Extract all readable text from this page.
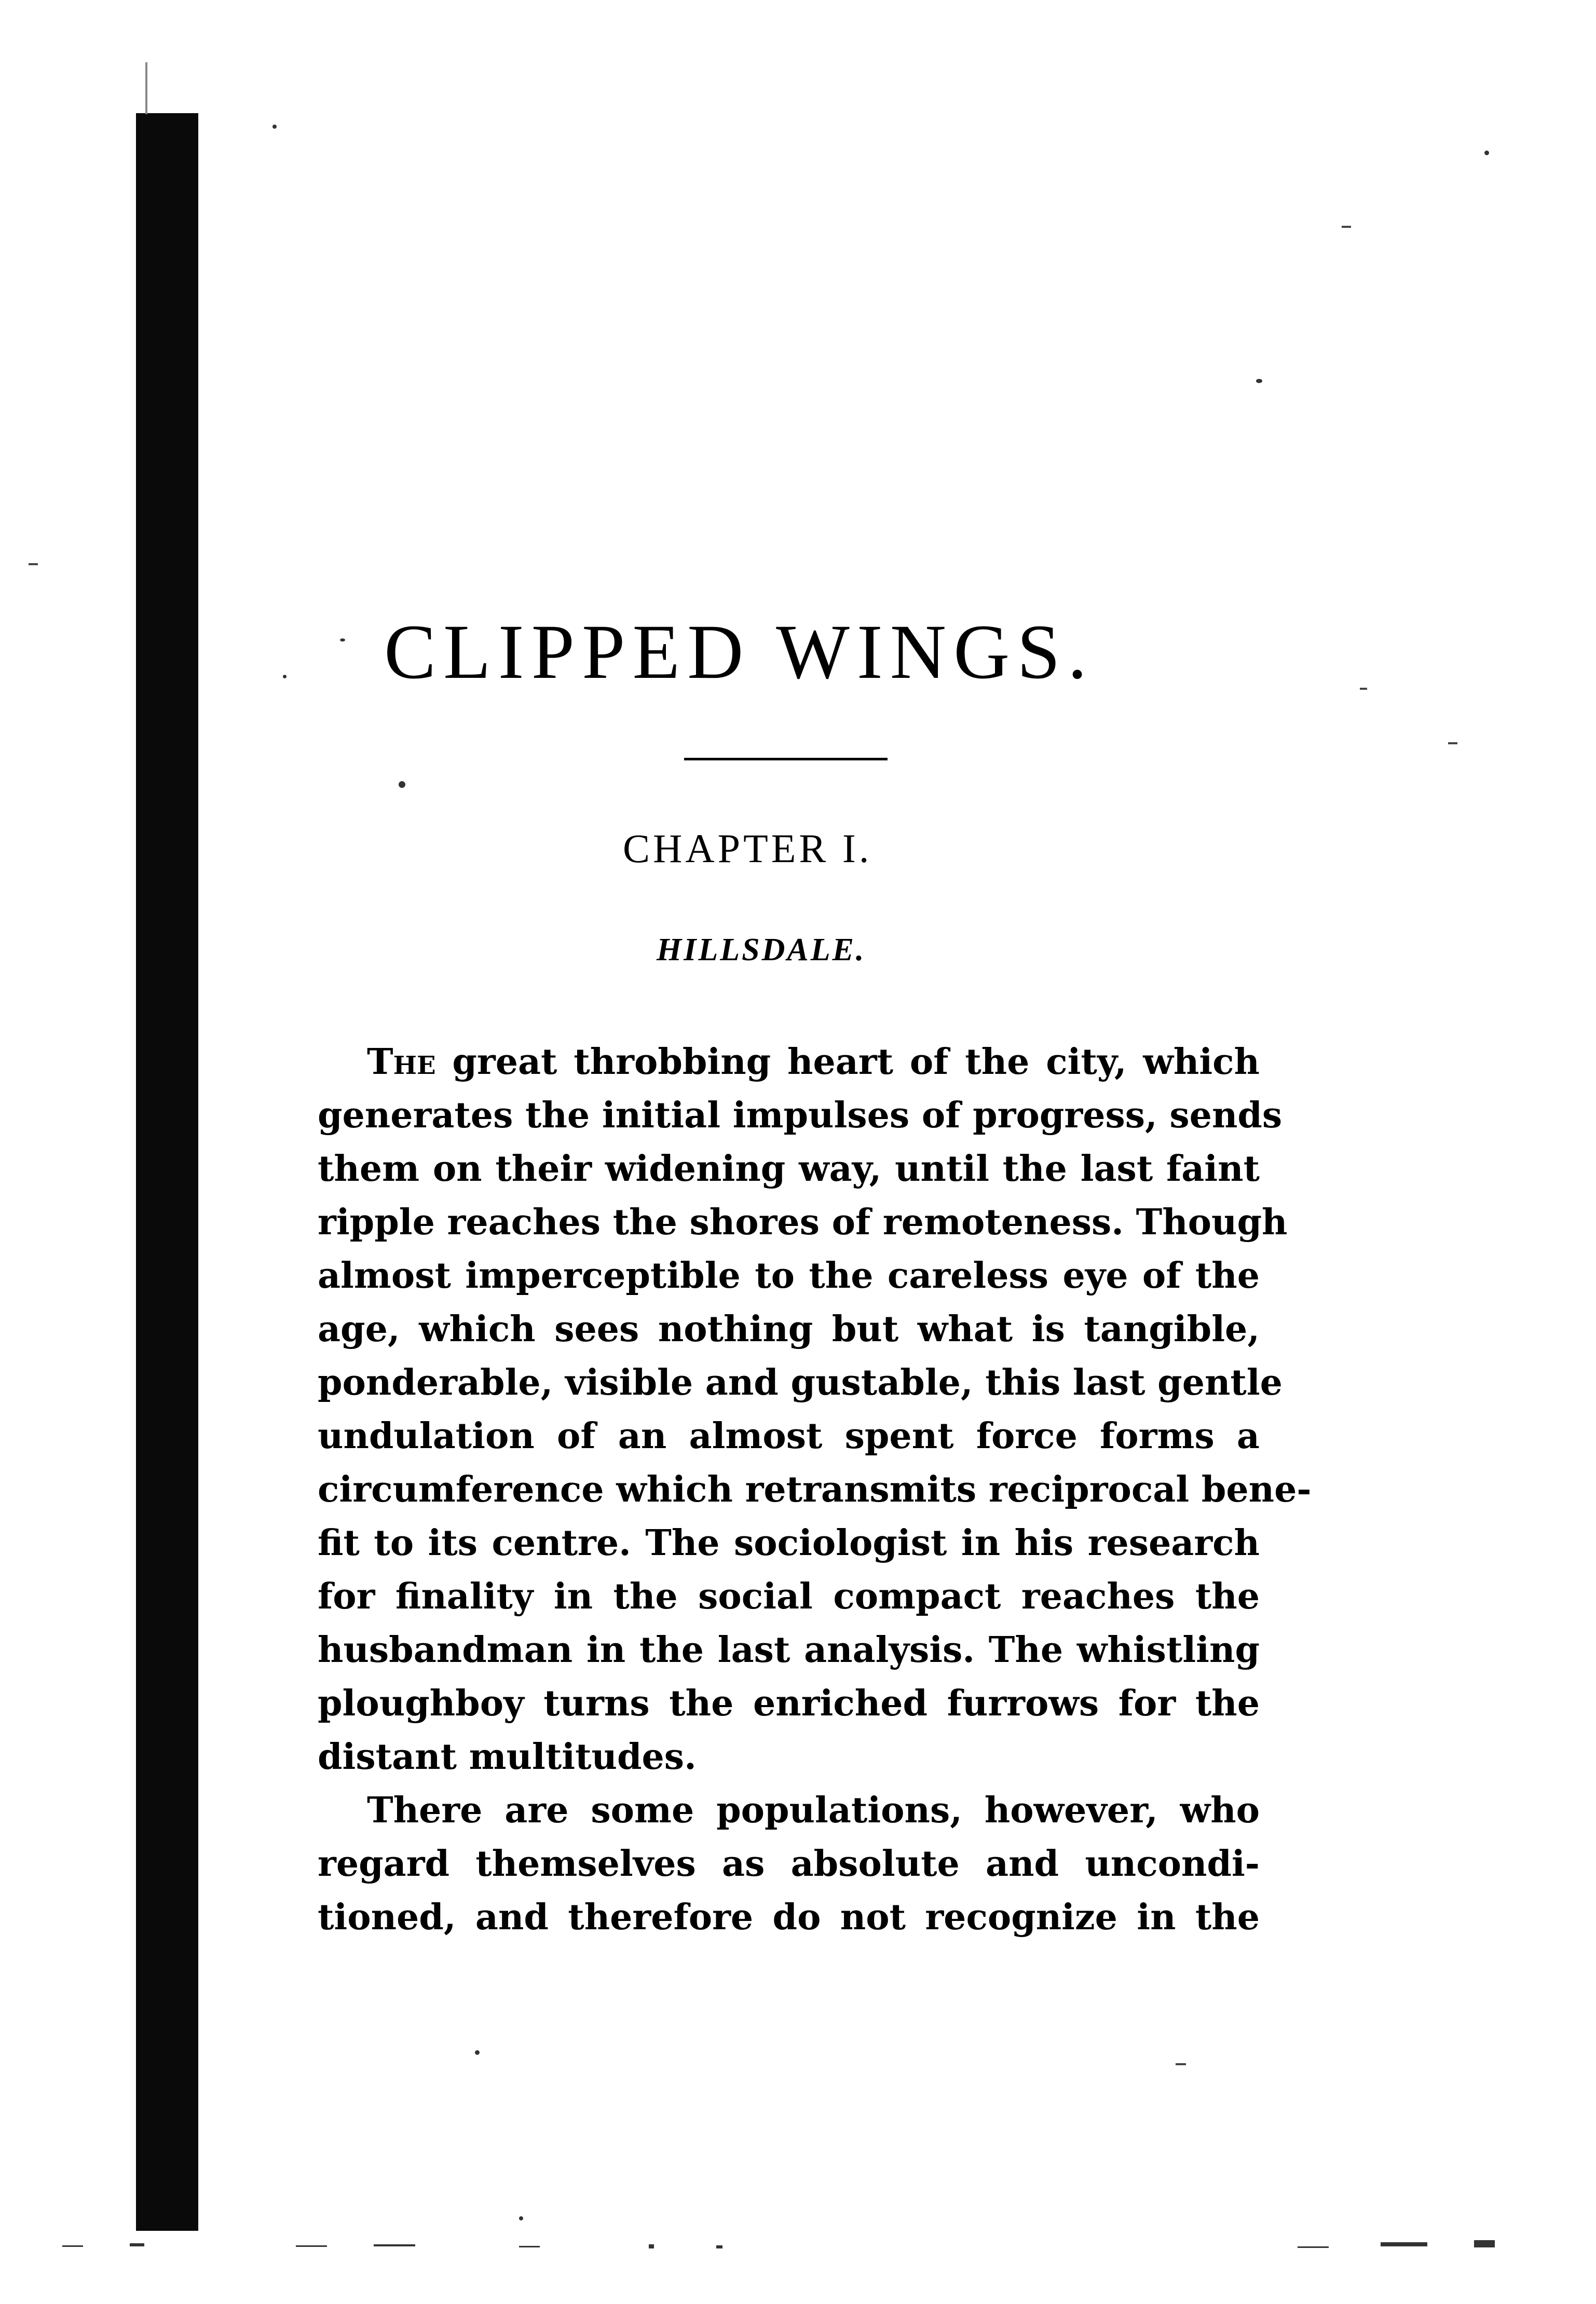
CLIPPED WINGS.
CHAPTER I.
HILLSDALE.
The great throbbing heart of the city, which
generates the initial impulses of progress, sends
them on their widening way, until the last faint
ripple reaches the shores of remoteness. Though
almost imperceptible to the careless eye of the
age, which sees nothing but what is tangible,
ponderable, visible and gustable, this last gentle
undulation of an almost spent force forms a
circumference which retransmits reciprocal bene-
fit to its centre. The sociologist in his research
for finality in the social compact reaches the
husbandman in the last analysis. The whistling
ploughboy turns the enriched furrows for the
distant multitudes.
There are some populations, however, who
regard themselves as absolute and uncondi-
tioned, and therefore do not recognize in the
